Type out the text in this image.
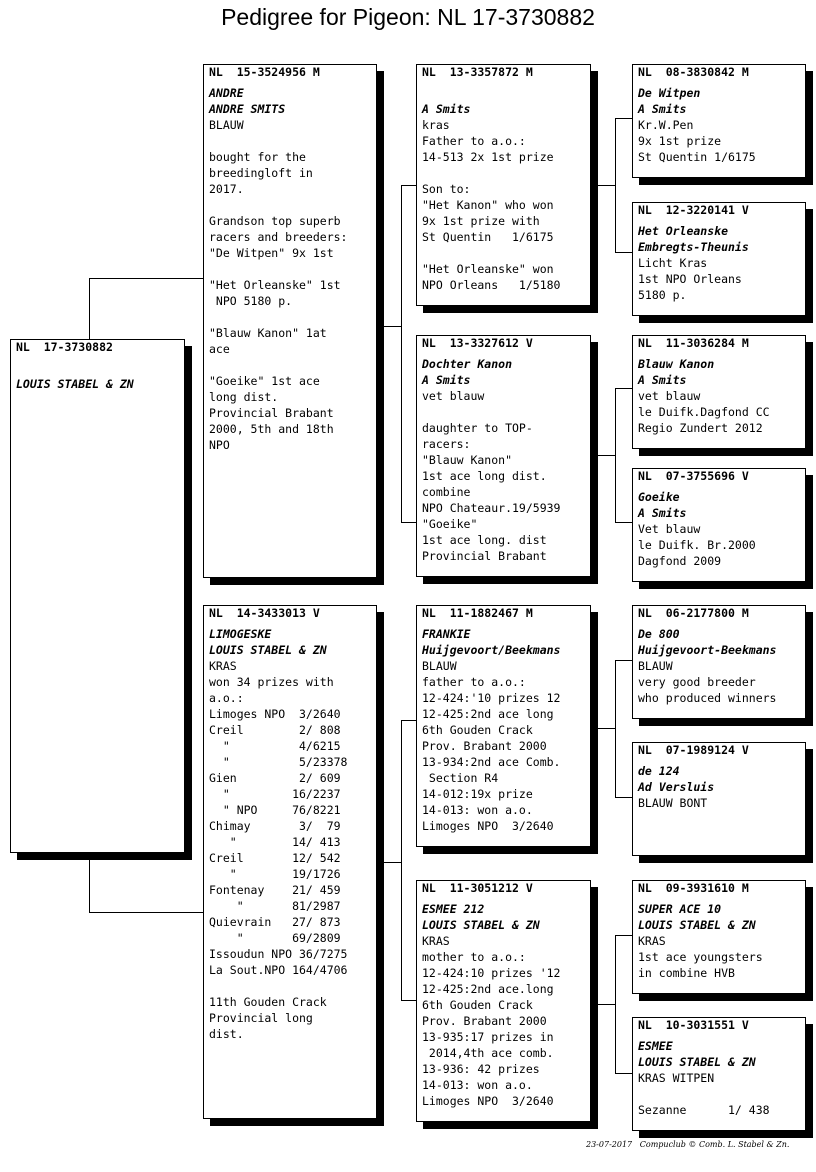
Pedigree for Pigeon: NL 17-3730882
NL  17-3730882
LOUIS STABEL & ZN
NL  15-3524956 M
ANDRE
ANDRE SMITS
BLAUW
bought for the
breedingloft in
2017.
Grandson top superb
racers and breeders:
"De Witpen" 9x 1st
"Het Orleanske" 1st
NPO 5180 p.
"Blauw Kanon" 1at
ace
"Goeike" 1st ace
long dist.
Provincial Brabant
2000, 5th and 18th
NPO
NL  14-3433013 V
LIMOGESKE
LOUIS STABEL & ZN
KRAS
won 34 prizes with
a.o.:
Limoges NPO  3/2640
Creil        2/ 808
"          4/6215
"          5/23378
Gien         2/ 609
"         16/2237
" NPO     76/8221
Chimay       3/  79
"        14/ 413
Creil       12/ 542
"        19/1726
Fontenay    21/ 459
"       81/2987
Quievrain   27/ 873
"       69/2809
Issoudun NPO 36/7275
La Sout.NPO 164/4706
11th Gouden Crack
Provincial long
dist.
NL  13-3357872 M
A Smits
kras
Father to a.o.:
14-513 2x 1st prize
Son to:
"Het Kanon" who won
9x 1st prize with
St Quentin   1/6175
"Het Orleanske" won
NPO Orleans   1/5180
NL  13-3327612 V
Dochter Kanon
A Smits
vet blauw
daughter to TOP-
racers:
"Blauw Kanon"
1st ace long dist.
combine
NPO Chateaur.19/5939
"Goeike"
1st ace long. dist
Provincial Brabant
NL  11-1882467 M
FRANKIE
Huijgevoort/Beekmans
BLAUW
father to a.o.:
12-424:'10 prizes 12
12-425:2nd ace long
6th Gouden Crack
Prov. Brabant 2000
13-934:2nd ace Comb.
Section R4
14-012:19x prize
14-013: won a.o.
Limoges NPO  3/2640
NL  11-3051212 V
ESMEE 212
LOUIS STABEL & ZN
KRAS
mother to a.o.:
12-424:10 prizes '12
12-425:2nd ace.long
6th Gouden Crack
Prov. Brabant 2000
13-935:17 prizes in
2014,4th ace comb.
13-936: 42 prizes
14-013: won a.o.
Limoges NPO  3/2640
NL  08-3830842 M
De Witpen
A Smits
Kr.W.Pen
9x 1st prize
St Quentin 1/6175
NL  12-3220141 V
Het Orleanske
Embregts-Theunis
Licht Kras
1st NPO Orleans
5180 p.
NL  11-3036284 M
Blauw Kanon
A Smits
vet blauw
le Duifk.Dagfond CC
Regio Zundert 2012
NL  07-3755696 V
Goeike
A Smits
Vet blauw
le Duifk. Br.2000
Dagfond 2009
NL  06-2177800 M
De 800
Huijgevoort-Beekmans
BLAUW
very good breeder
who produced winners
NL  07-1989124 V
de 124
Ad Versluis
BLAUW BONT
NL  09-3931610 M
SUPER ACE 10
LOUIS STABEL & ZN
KRAS
1st ace youngsters
in combine HVB
NL  10-3031551 V
ESMEE
LOUIS STABEL & ZN
KRAS WITPEN
Sezanne      1/ 438
23-07-2017 Compuclub © Comb. L. Stabel & Zn.
